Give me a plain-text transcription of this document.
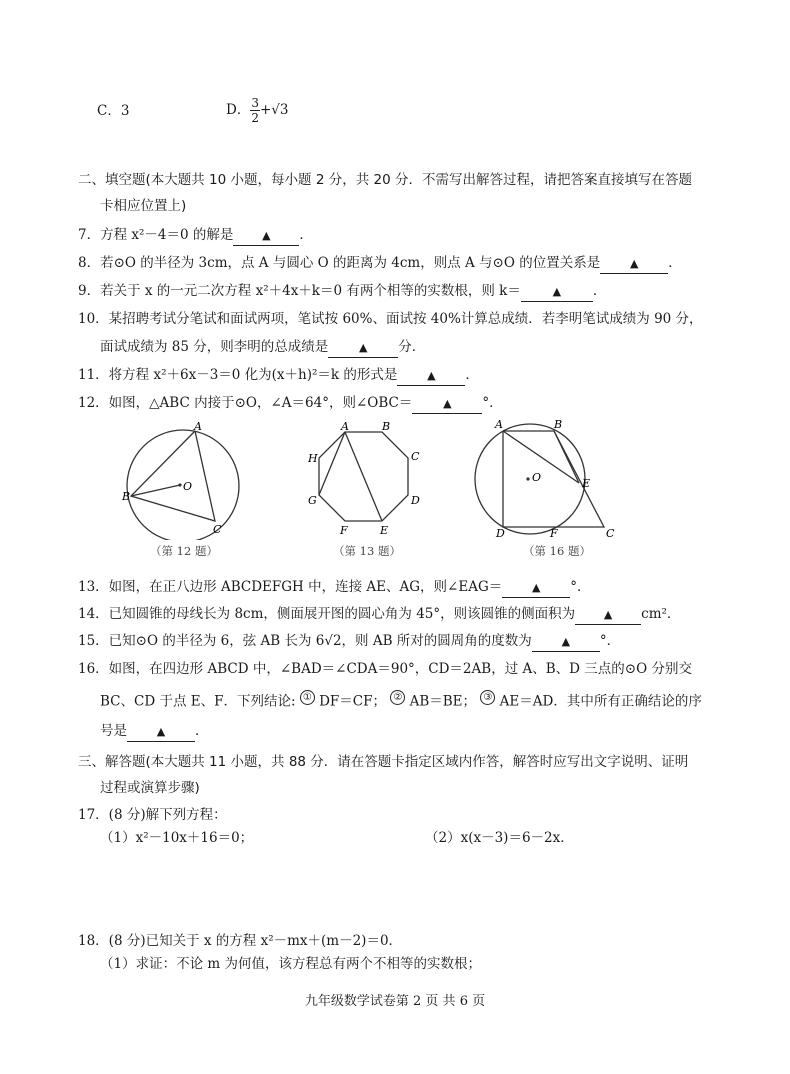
C．3	D． $\frac{3}{2} +√3$
二、填空题(本大题共 10 小题，每小题 2 分，共 20 分．不需写出解答过程，请把答案直接填写在答题
卡相应位置上)
7．方程 x²－4＝0 的解是	▲ ．
8．若⊙O 的半径为 3cm，点 A 与圆心 O 的距离为 4cm，则点 A 与⊙O 的位置关系是	▲ ．
9．若关于 x 的一元二次方程 x²＋4x＋k＝0 有两个相等的实数根，则 k＝	▲ ．
10．某招聘考试分笔试和面试两项，笔试按 60%、面试按 40%计算总成绩．若李明笔试成绩为 90 分，
面试成绩为 85 分，则李明的总成绩是	▲ 分．
11．将方程 x²＋6x－3＝0 化为(x＋h)²＝k 的形式是	▲ ．
12．如图，△ABC 内接于⊙O，∠A＝64°，则∠OBC＝	▲ °．
A
B
C
O
（第 12 题）
A	B
C
D
E
F
G
H
（第 13 题）
A	B
C
D
E
F
O
（第 16 题）
13．如图，在正八边形 ABCDEFGH 中，连接 AE、AG，则∠EAG＝	▲ °．
14．已知圆锥的母线长为 8cm，侧面展开图的圆心角为 45°，则该圆锥的侧面积为	▲ cm²．
15．已知⊙O 的半径为 6，弦 AB 长为 6√2，则 AB 所对的圆周角的度数为	▲ °．
16．如图，在四边形 ABCD 中，∠BAD＝∠CDA＝90°，CD＝2AB，过 A、B、D 三点的⊙O 分别交
BC、CD 于点 E、F．下列结论: ① DF＝CF； ② AB＝BE； ③ AE＝AD．其中所有正确结论的序
号是	▲ ．
三、解答题(本大题共 11 小题，共 88 分．请在答题卡指定区域内作答，解答时应写出文字说明、证明
过程或演算步骤)
17．(8 分)解下列方程：
（1）x²－10x＋16＝0；	（2）x(x－3)＝6－2x．
18．(8 分)已知关于 x 的方程 x²－mx＋(m－2)＝0．
（1）求证：不论 m 为何值，该方程总有两个不相等的实数根；
九年级数学试卷第 2 页 共 6 页
